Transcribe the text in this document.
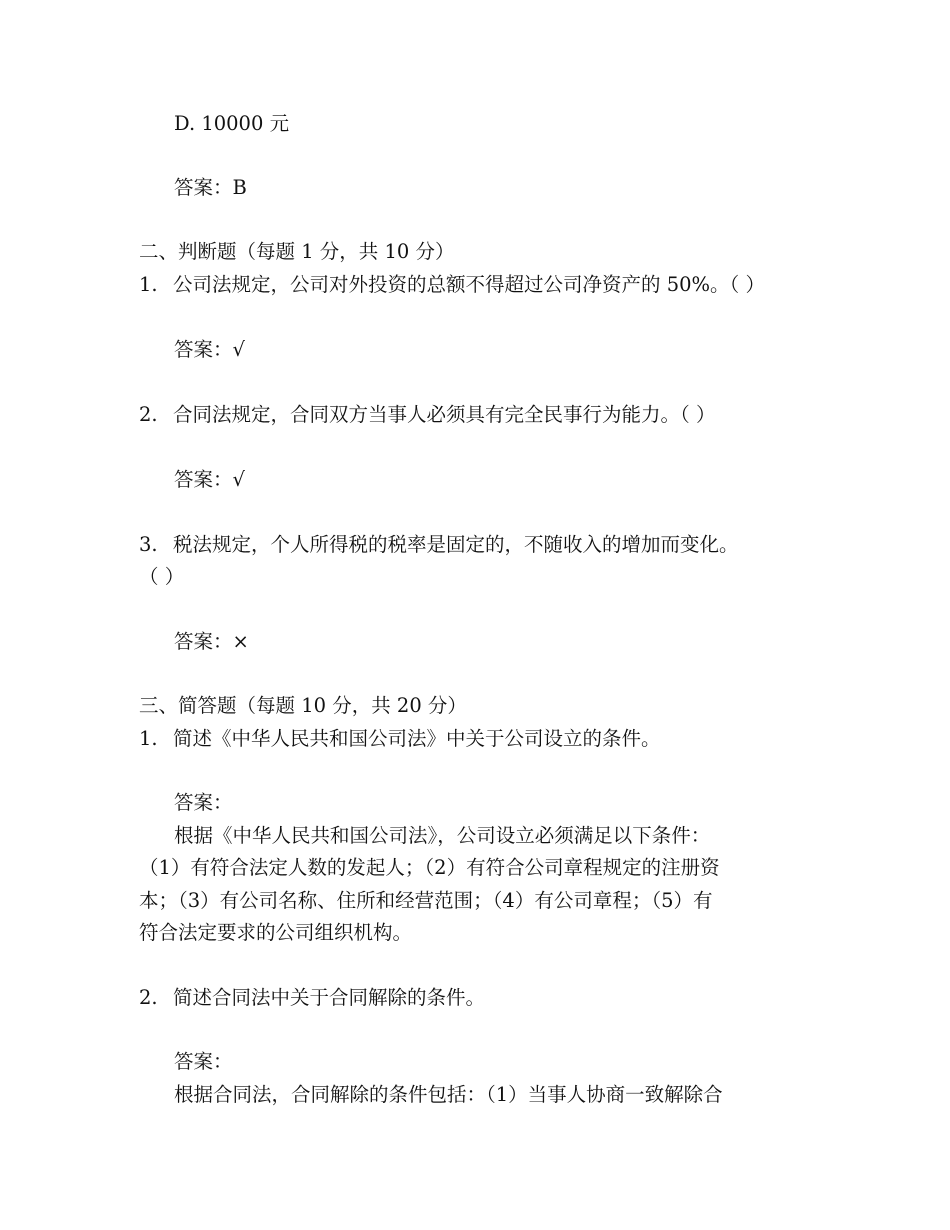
D. 10000 元
答案：B
二、判断题（每题 1 分，共 10 分）
1. 公司法规定，公司对外投资的总额不得超过公司净资产的 50%。（ ）
答案：√
2. 合同法规定，合同双方当事人必须具有完全民事行为能力。（ ）
答案：√
3. 税法规定，个人所得税的税率是固定的，不随收入的增加而变化。
（ ）
答案：×
三、简答题（每题 10 分，共 20 分）
1. 简述《中华人民共和国公司法》中关于公司设立的条件。
答案：
根据《中华人民共和国公司法》，公司设立必须满足以下条件：
（1）有符合法定人数的发起人；（2）有符合公司章程规定的注册资
本；（3）有公司名称、住所和经营范围；（4）有公司章程；（5）有
符合法定要求的公司组织机构。
2. 简述合同法中关于合同解除的条件。
答案：
根据合同法，合同解除的条件包括：（1）当事人协商一致解除合
